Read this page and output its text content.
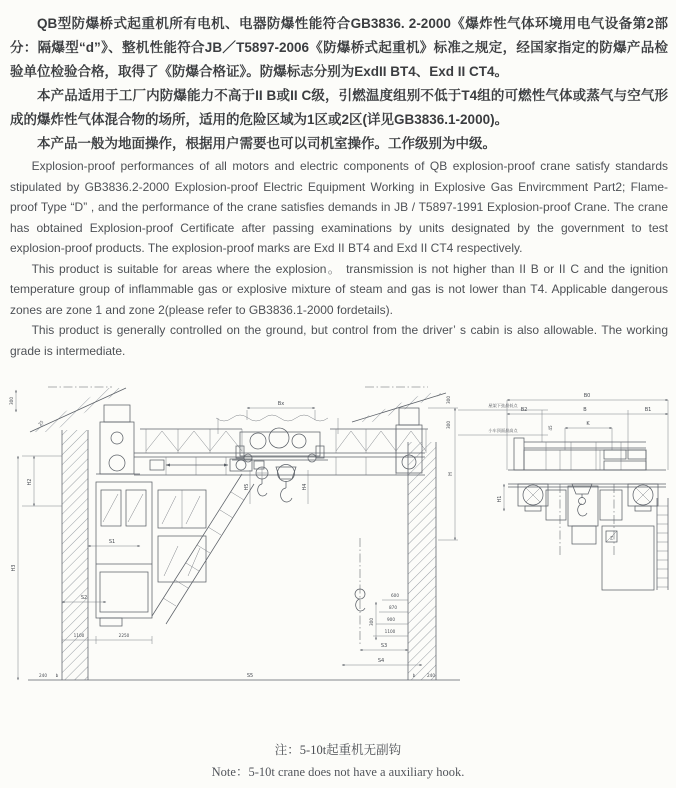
QB型防爆桥式起重机所有电机、电器防爆性能符合GB3836. 2-2000《爆炸性气体环境用电气设备第2部分：隔爆型“d”》、整机性能符合JB／T5897-2006《防爆桥式起重机》标准之规定，经国家指定的防爆产品检验单位检验合格，取得了《防爆合格证》。防爆标志分别为ExdII BT4、Exd II CT4。

本产品适用于工厂内防爆能力不高于II B或II C级，引燃温度组别不低于T4组的可燃性气体或蒸气与空气形成的爆炸性气体混合物的场所，适用的危险区域为1区或2区(详见GB3836.1-2000)。

本产品一般为地面操作，根据用户需要也可以司机室操作。工作级别为中级。

Explosion-proof performances of all motors and electric components of QB explosion-proof crane satisfy standards stipulated by GB3836.2-2000 Explosion-proof Electric Equipment Working in Explosive Gas Envircmment Part2; Flame-proof Type “D” , and the performance of the crane satisfies demands in JB / T5897-1991 Explosion-proof Crane. The crane has obtained Explosion-proof Certificate after passing examinations by units designated by the government to test explosion-proof products. The explosion-proof marks are Exd II BT4 and Exd II CT4 respectively.

This product is suitable for areas where the explosion。 transmission is not higher than II B or II C and the ignition temperature group of inflammable gas or explosive mixture of steam and gas is not lower than T4. Applicable dangerous zones are zone 1 and zone 2(please refer to GB3836.1-2000 fordetails).

This product is generally controlled on the ground, but control from the driver’ s cabin is also allowable. The working grade is intermediate.

Bx
H5	H4
300
25
H2
H3
S1
S2
1100	2250
240 b	S5
300
600
870
900
1100
S3
S4
b	240
H
屋架下弦最低点
300
小车顶面最高点
300	45
B0
B2	B	B1
K
H1
Z

注：5-10t起重机无副钩

Note：5-10t crane does not have a auxiliary hook.
